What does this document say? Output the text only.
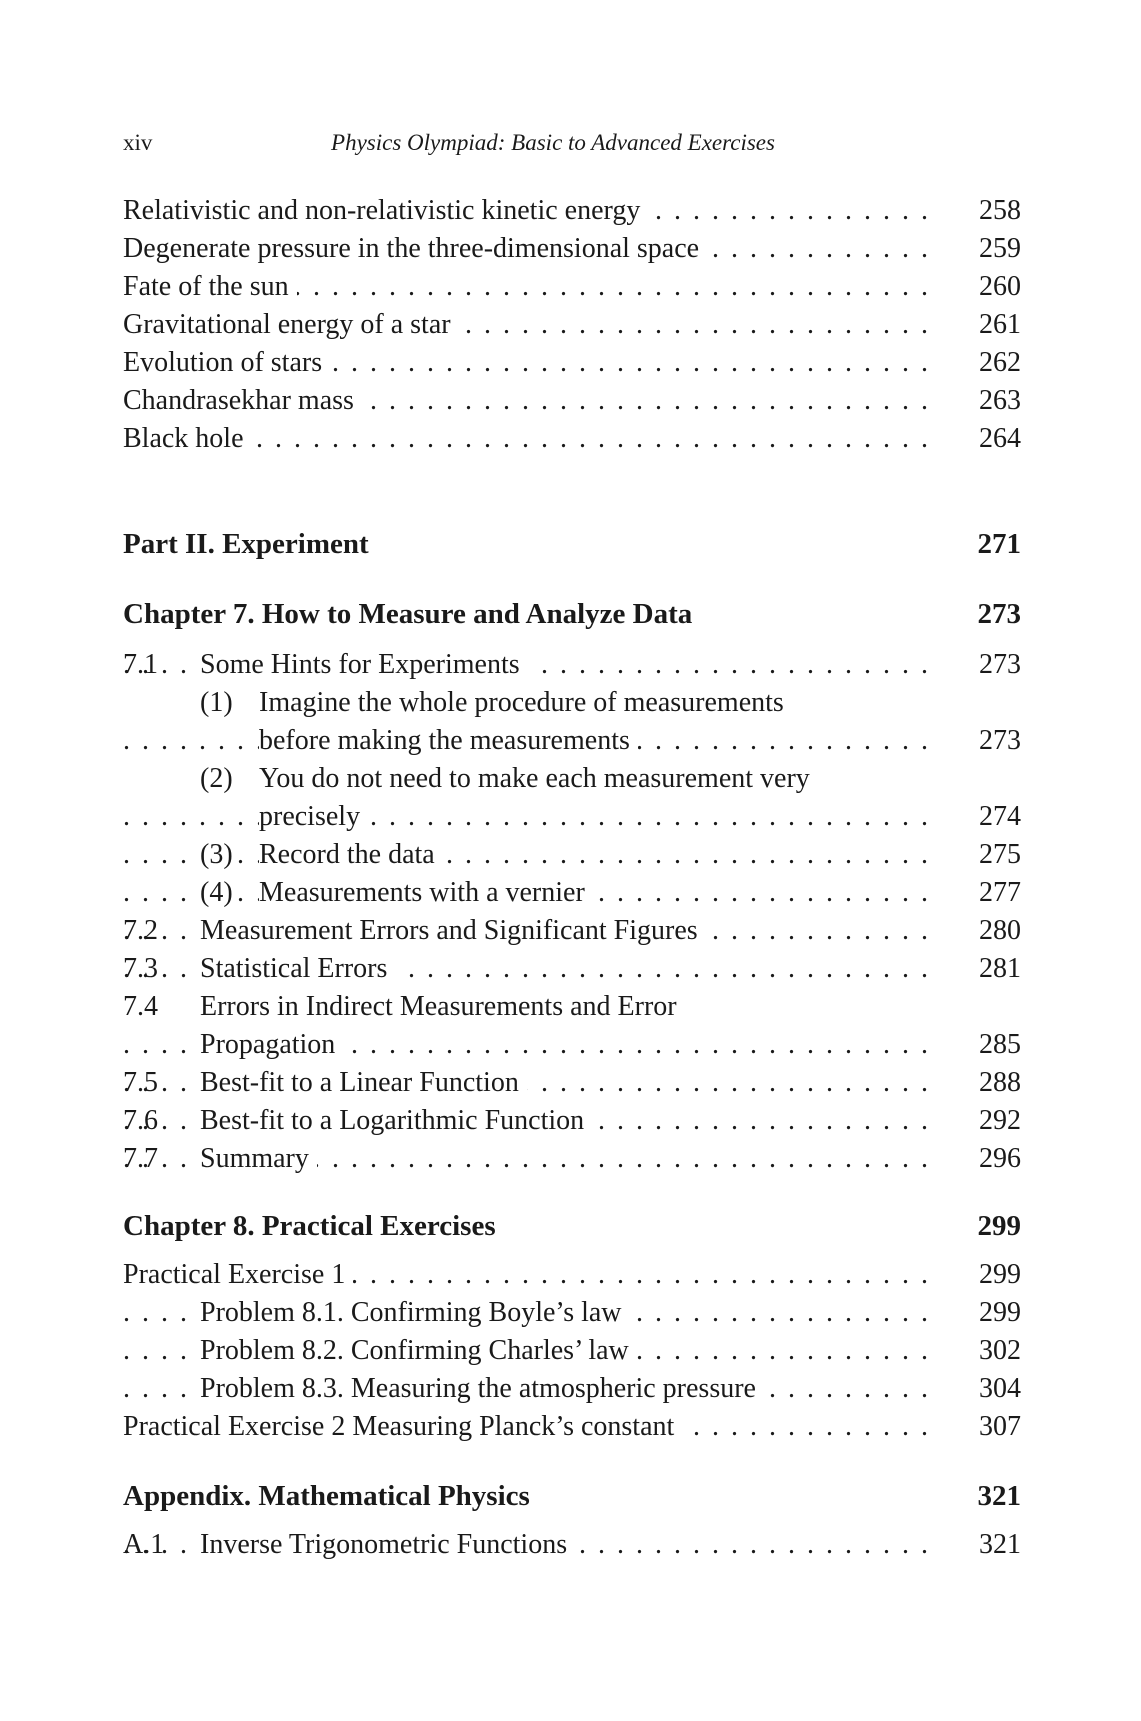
xiv	Physics Olympiad: Basic to Advanced Exercises
. . .
Relativistic and non-relativistic kinetic energy	258
. . .
Degenerate pressure in the three-dimensional space	259
. . .
Fate of the sun	260
. . .
Gravitational energy of a star	261
. . .
Evolution of stars	262
. . .
Chandrasekhar mass	263
. . .
Black hole	264
Part II. Experiment	271
Chapter 7. How to Measure and Analyze Data	273
7.1 . . . Some Hints for Experiments	273
(1) Imagine the whole procedure of measurements
. . .
before making the measurements	273
(2) You do not need to make each measurement very
. . .
precisely	274
. . .
(3) Record the data	275
. . .
(4) Measurements with a vernier	277
7.2 . . . Measurement Errors and Significant Figures	280
7.3 . . . Statistical Errors	281
7.4 Errors in Indirect Measurements and Error
. . .
Propagation	285
7.5 . . . Best-fit to a Linear Function	288
7.6 . . . Best-fit to a Logarithmic Function	292
7.7 . . . Summary	296
Chapter 8. Practical Exercises	299
. . .
Practical Exercise 1	299
. . .
Problem 8.1. Confirming Boyle’s law	299
. . .
Problem 8.2. Confirming Charles’ law	302
. . .
Problem 8.3. Measuring the atmospheric pressure	304
. . .
Practical Exercise 2 Measuring Planck’s constant	307
Appendix. Mathematical Physics	321
A.1 . . . Inverse Trigonometric Functions	321
